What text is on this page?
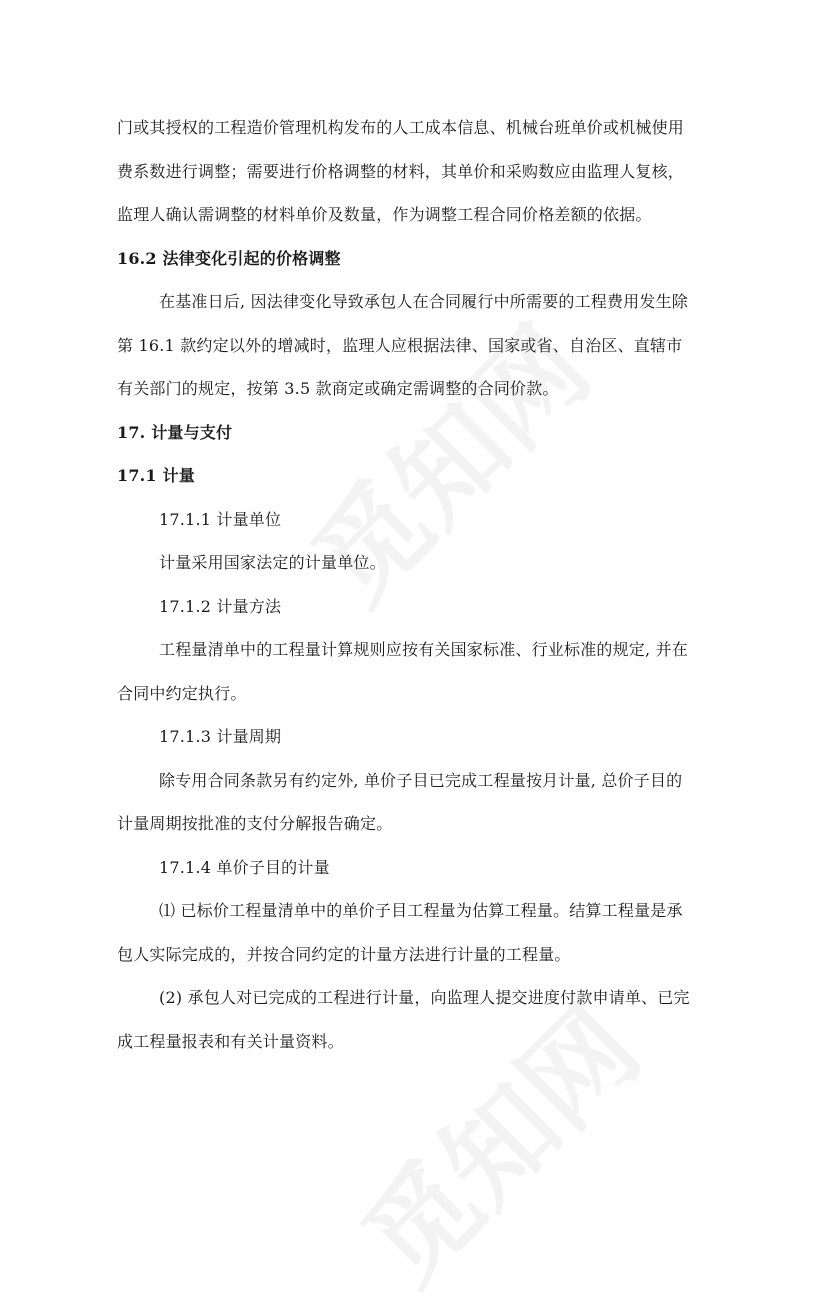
门或其授权的工程造价管理机构发布的人工成本信息、机械台班单价或机械使用
费系数进行调整；需要进行价格调整的材料，其单价和采购数应由监理人复核，
监理人确认需调整的材料单价及数量，作为调整工程合同价格差额的依据。
16.2 法律变化引起的价格调整
在基准日后, 因法律变化导致承包人在合同履行中所需要的工程费用发生除
第 16.1 款约定以外的增减时，监理人应根据法律、国家或省、自治区、直辖市
有关部门的规定，按第 3.5 款商定或确定需调整的合同价款。
17. 计量与支付
17.1 计量
17.1.1 计量单位
计量采用国家法定的计量单位。
17.1.2 计量方法
工程量清单中的工程量计算规则应按有关国家标准、行业标准的规定, 并在
合同中约定执行。
17.1.3 计量周期
除专用合同条款另有约定外, 单价子目已完成工程量按月计量, 总价子目的
计量周期按批准的支付分解报告确定。
17.1.4 单价子目的计量
⑴ 已标价工程量清单中的单价子目工程量为估算工程量。结算工程量是承
包人实际完成的，并按合同约定的计量方法进行计量的工程量。
(2) 承包人对已完成的工程进行计量，向监理人提交进度付款申请单、已完
成工程量报表和有关计量资料。
